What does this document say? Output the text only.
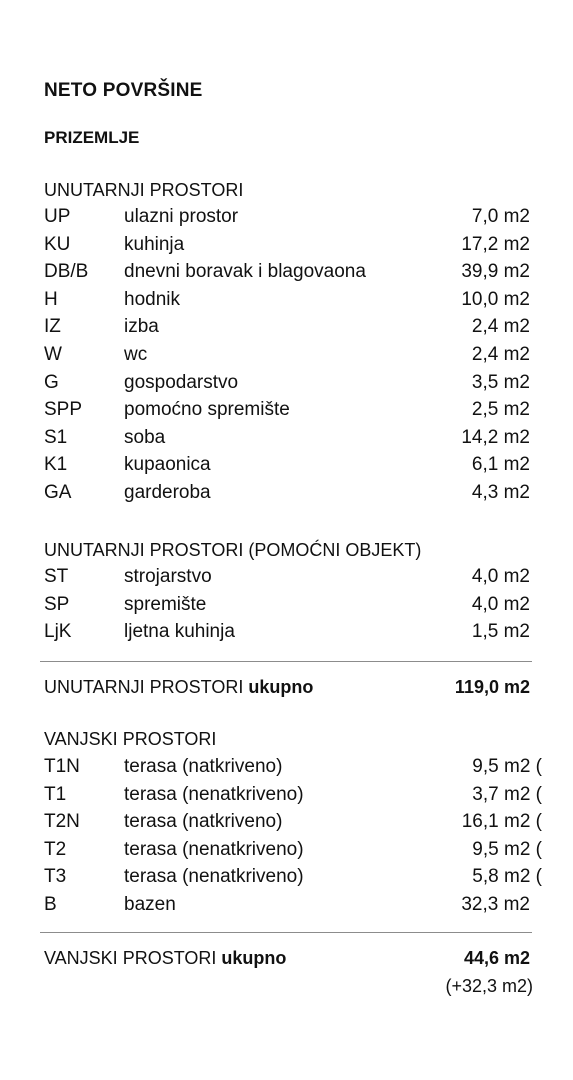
NETO POVRŠINE
PRIZEMLJE
UNUTARNJI PROSTORI
UP	ulazni prostor	7,0 m2
KU	kuhinja	17,2 m2
DB/B dnevni boravak i blagovaona	39,9 m2
H	hodnik	10,0 m2
IZ	izba	2,4 m2
W	wc	2,4 m2
G	gospodarstvo	3,5 m2
SPP pomoćno spremište	2,5 m2
S1	soba	14,2 m2
K1	kupaonica	6,1 m2
GA	garderoba	4,3 m2
UNUTARNJI PROSTORI (POMOĆNI OBJEKT)
ST	strojarstvo	4,0 m2
SP	spremište	4,0 m2
LjK	ljetna kuhinja	1,5 m2
UNUTARNJI PROSTORI ukupno	119,0 m2
VANJSKI PROSTORI
T1N terasa (natkriveno)	9,5 m2 (
T1	terasa (nenatkriveno)	3,7 m2 (
T2N terasa (natkriveno)	16,1 m2 (
T2	terasa (nenatkriveno)	9,5 m2 (
T3	terasa (nenatkriveno)	5,8 m2 (
B	bazen	32,3 m2
VANJSKI PROSTORI ukupno	44,6 m2
(+32,3 m2)
